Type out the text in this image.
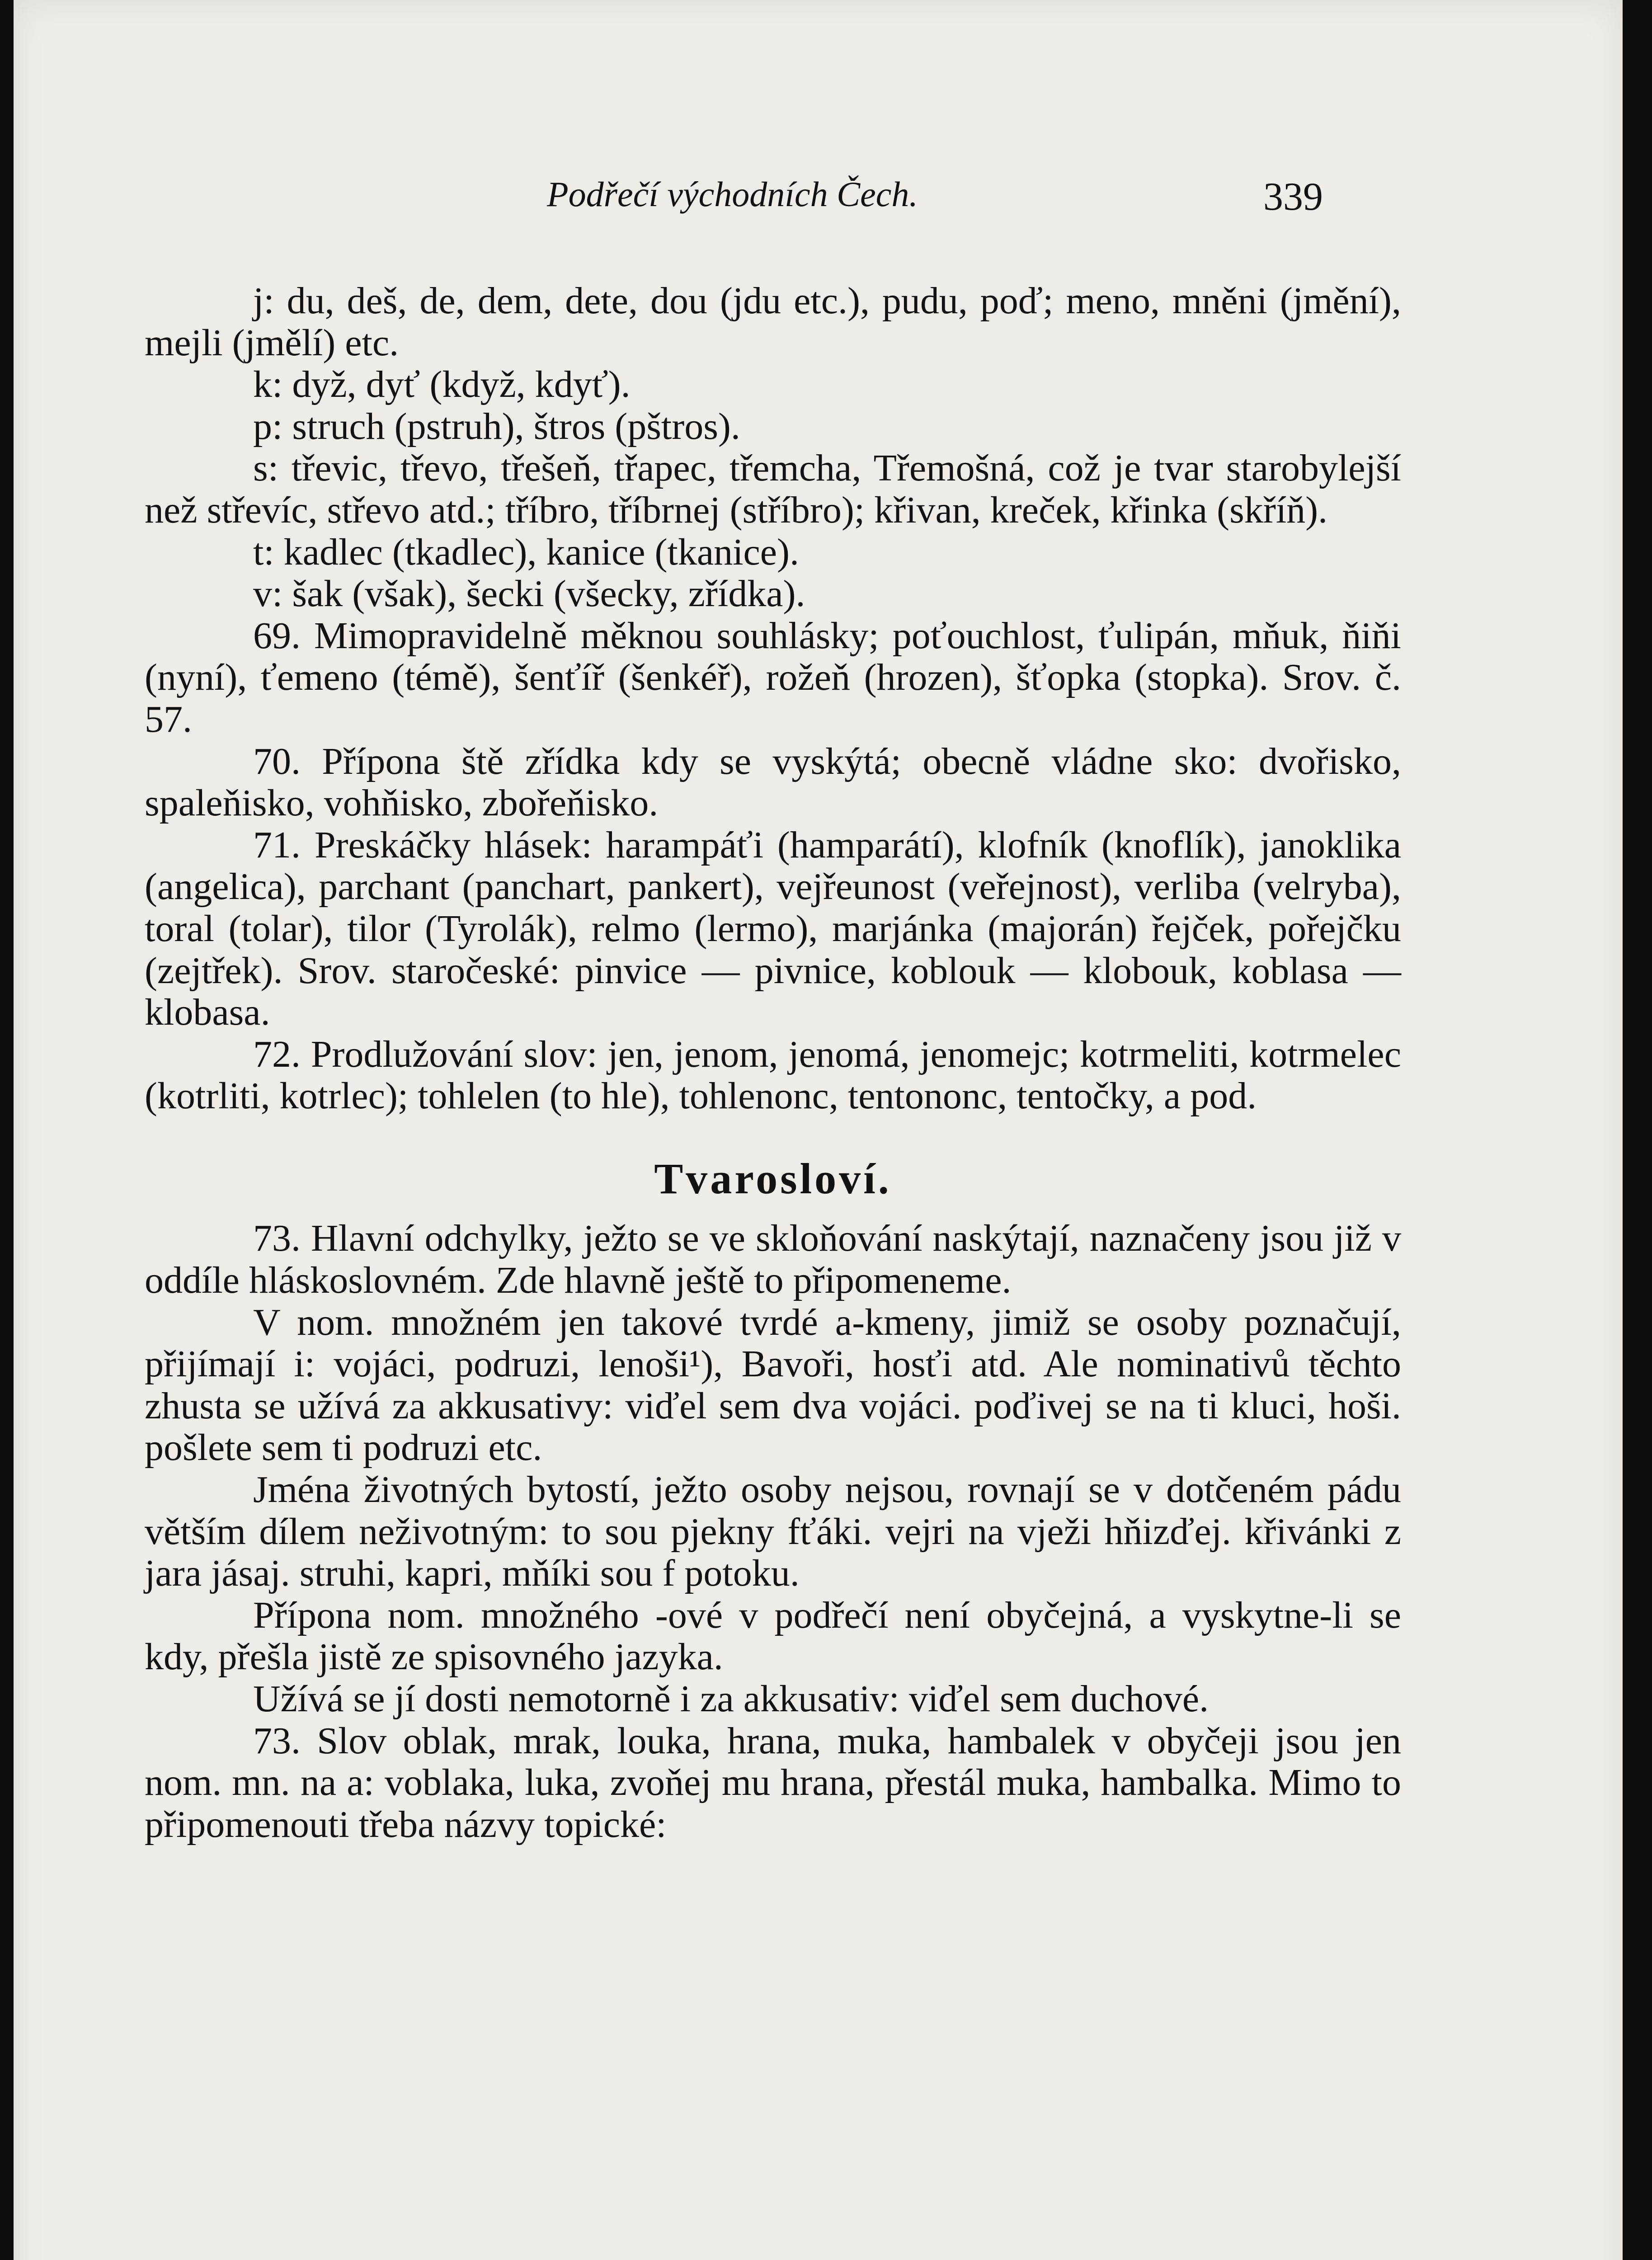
Podřečí východních Čech.	339

j: du, deš, de, dem, dete, dou (jdu etc.), pudu, poď; meno, mněni (jmění), mejli (jmělí) etc.

k: dyž, dyť (když, kdyť).

p: struch (pstruh), štros (pštros).

s: třevic, třevo, třešeň, třapec, třemcha, Třemošná, což je tvar starobylejší než střevíc, střevo atd.; tříbro, tříbrnej (stříbro); křivan, kreček, křinka (skříň).

t: kadlec (tkadlec), kanice (tkanice).

v: šak (však), šecki (všecky, zřídka).

69. Mimopravidelně měknou souhlásky; poťouchlost, ťulipán, mňuk, ňiňi (nyní), ťemeno (témě), šenťíř (šenkéř), rožeň (hrozen), šťopka (stopka). Srov. č. 57.

70. Přípona ště zřídka kdy se vyskýtá; obecně vládne sko: dvořisko, spaleňisko, vohňisko, zbořeňisko.

71. Preskáčky hlásek: harampáťi (hamparátí), klofník (knoflík), janoklika (angelica), parchant (panchart, pankert), vejřeunost (veřejnost), verliba (velryba), toral (tolar), tilor (Tyrolák), relmo (lermo), marjánka (majorán) řejček, pořejčku (zejtřek). Srov. staročeské: pinvice — pivnice, koblouk — klobouk, koblasa — klobasa.

72. Prodlužování slov: jen, jenom, jenomá, jenomejc; kotrmeliti, kotrmelec (kotrliti, kotrlec); tohlelen (to hle), tohlenonc, tentononc, tentočky, a pod.

Tvarosloví.

73. Hlavní odchylky, ježto se ve skloňování naskýtají, naznačeny jsou již v oddíle hláskoslovném. Zde hlavně ještě to připomeneme.

V nom. množném jen takové tvrdé a-kmeny, jimiž se osoby poznačují, přijímají i: vojáci, podruzi, lenoši¹), Bavoři, hosťi atd. Ale nominativů těchto zhusta se užívá za akkusativy: viďel sem dva vojáci. poďivej se na ti kluci, hoši. pošlete sem ti podruzi etc.

Jména životných bytostí, ježto osoby nejsou, rovnají se v dotčeném pádu větším dílem neživotným: to sou pjekny fťáki. vejri na vježi hňizďej. křivánki z jara jásaj. struhi, kapri, mňíki sou f potoku.

Přípona nom. množného -ové v podřečí není obyčejná, a vyskytne-li se kdy, přešla jistě ze spisovného jazyka.

Užívá se jí dosti nemotorně i za akkusativ: viďel sem duchové.

73. Slov oblak, mrak, louka, hrana, muka, hambalek v obyčeji jsou jen nom. mn. na a: voblaka, luka, zvoňej mu hrana, přestál muka, hambalka. Mimo to připomenouti třeba názvy topické:
